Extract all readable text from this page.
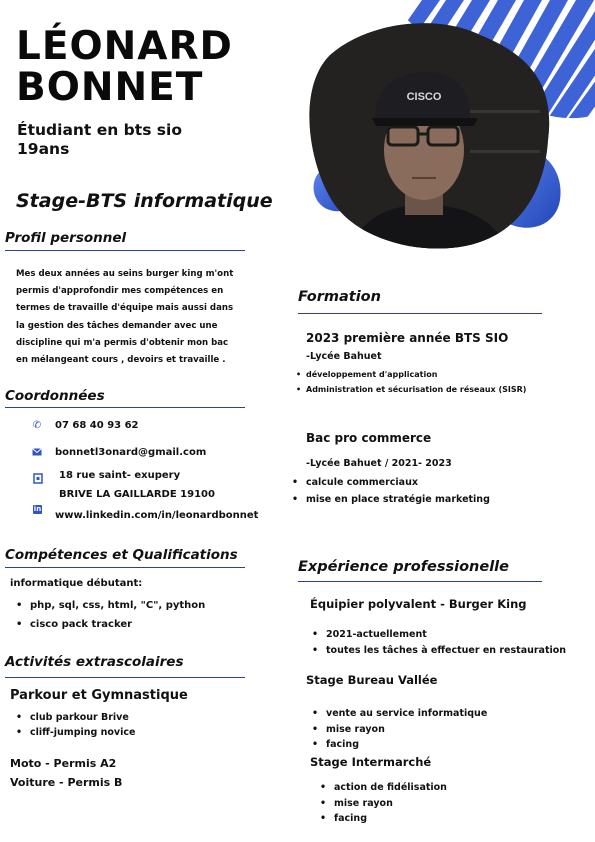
CISCO
LÉONARD
BONNET
Étudiant en bts sio
19ans
Stage-BTS informatique
Profil personnel
Mes deux années au seins burger king m'ont
permis d'approfondir mes compétences en
termes de travaille d'équipe mais aussi dans
la gestion des tâches demander avec une
discipline qui m'a permis d'obtenir mon bac
en mélangeant cours , devoirs et travaille .
Coordonnées
✆ 07 68 40 93 62
bonnetl3onard@gmail.com
18 rue saint- exupery
BRIVE LA GAILLARDE 19100
in
www.linkedin.com/in/leonardbonnet
Compétences et Qualifications
informatique débutant:
• php, sql, css, html, "C", python
• cisco pack tracker
Activités extrascolaires
Parkour et Gymnastique
• club parkour Brive
• cliff-jumping novice
Moto - Permis A2
Voiture - Permis B
Formation
2023 première année BTS SIO
-Lycée Bahuet
• développement d'application
• Administration et sécurisation de réseaux (SISR)
Bac pro commerce
-Lycée Bahuet / 2021- 2023
• calcule commerciaux
• mise en place stratégie marketing
Expérience professionelle
Équipier polyvalent - Burger King
• 2021-actuellement
• toutes les tâches à effectuer en restauration
Stage Bureau Vallée
• vente au service informatique
• mise rayon
• facing
Stage Intermarché
• action de fidélisation
• mise rayon
• facing
